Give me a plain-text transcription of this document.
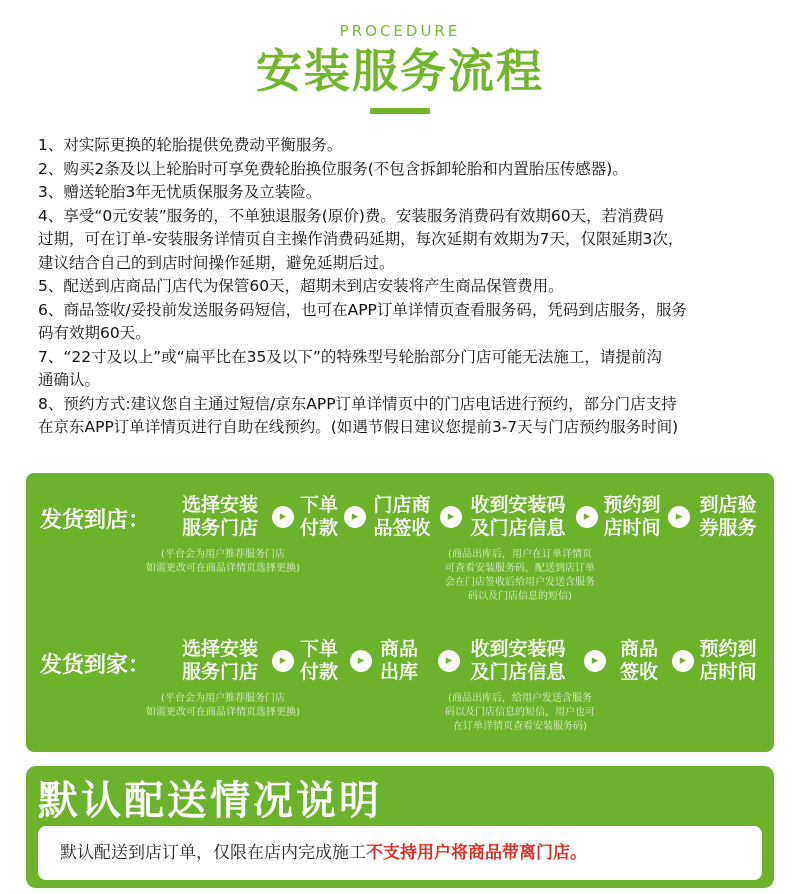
PROCEDURE
安装服务流程

1、对实际更换的轮胎提供免费动平衡服务。

2、购买2条及以上轮胎时可享免费轮胎换位服务(不包含拆卸轮胎和内置胎压传感器)。

3、赠送轮胎3年无忧质保服务及立装险。

4、享受“0元安装”服务的，不单独退服务(原价)费。安装服务消费码有效期60天，若消费码

过期，可在订单-安装服务详情页自主操作消费码延期，每次延期有效期为7天，仅限延期3次，

建议结合自己的到店时间操作延期，避免延期后过。

5、配送到店商品门店代为保管60天，超期未到店安装将产生商品保管费用。

6、商品签收/妥投前发送服务码短信，也可在APP订单详情页查看服务码，凭码到店服务，服务

码有效期60天。

7、“22寸及以上”或“扁平比在35及以下”的特殊型号轮胎部分门店可能无法施工，请提前沟

通确认。

8、预约方式:建议您自主通过短信/京东APP订单详情页中的门店电话进行预约，部分门店支持

在京东APP订单详情页进行自助在线预约。(如遇节假日建议您提前3-7天与门店预约服务时间)

发货到店：
选择安装
服务门店
▸
下单
付款
▸
门店商
品签收
▸
收到安装码
及门店信息
▸
预约到
店时间
▸
到店验
券服务
(平台会为用户推荐服务门店
如需更改可在商品详情页选择更换)
(商品出库后，用户在订单详情页
可查看安装服务码，配送到店订单
会在门店签收后给用户发送含服务
码以及门店信息的短信)
发货到家：
选择安装
服务门店
▸
下单
付款
▸
商品
出库
▸
收到安装码
及门店信息
▸
商品
签收
▸
预约到
店时间
(平台会为用户推荐服务门店
如需更改可在商品详情页选择更换)
(商品出库后，给用户发送含服务
码以及门店信息的短信，用户也可
在订单详情页查看安装服务码)
默认配送情况说明
默认配送到店订单，仅限在店内完成施工不支持用户将商品带离门店。
